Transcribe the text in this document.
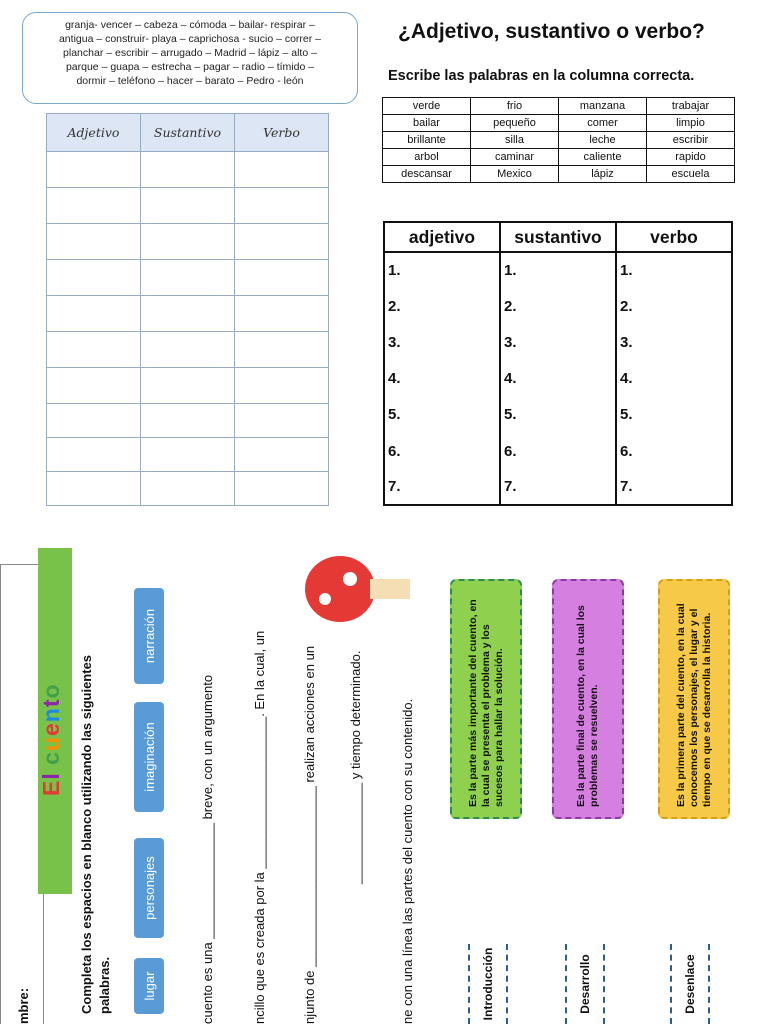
granja- vencer – cabeza – cómoda – bailar- respirar –
antigua – construir- playa – caprichosa - sucio – correr –
planchar – escribir – arrugado – Madrid – lápiz – alto –
parque – guapa – estrecha – pagar – radio – tímido –
dormir – teléfono – hacer – barato – Pedro - león
Adjetivo	Sustantivo	Verbo

¿Adjetivo, sustantivo o verbo?
Escribe las palabras en la columna correcta.
verde	frio	manzana	trabajar
bailar	pequeño	comer	limpio
brillante	silla	leche	escribir
arbol	caminar	caliente	rapido
descansar	Mexico	lápiz	escuela
adjetivo	sustantivo	verbo
1.	1.	1.
2.	2.	2.
3.	3.	3.
4.	4.	4.
5.	5.	5.
6.	6.	6.
7.	7.	7.
mbre:
El cuento Completa los espacios en blanco utilizando las siguientes palabras.	lugar
personajes
imaginación
narración
cuento es una ________________ breve, con un argumento	ncillo que es creada por la _____________________. En la cual, un	njunto de _________________________ realizan acciones en un ______________ y tiempo determinado.	ne con una línea las partes del cuento con su contenido.	Introducción	Desarrollo	Desenlace
Es la parte más importante del cuento, en la cual se presenta el problema y los sucesos para hallar la solución.	Es la parte final de cuento, en la cual los problemas se resuelven.	Es la primera parte del cuento, en la cual conocemos los personajes, el lugar y el tiempo en que se desarrolla la historia.
